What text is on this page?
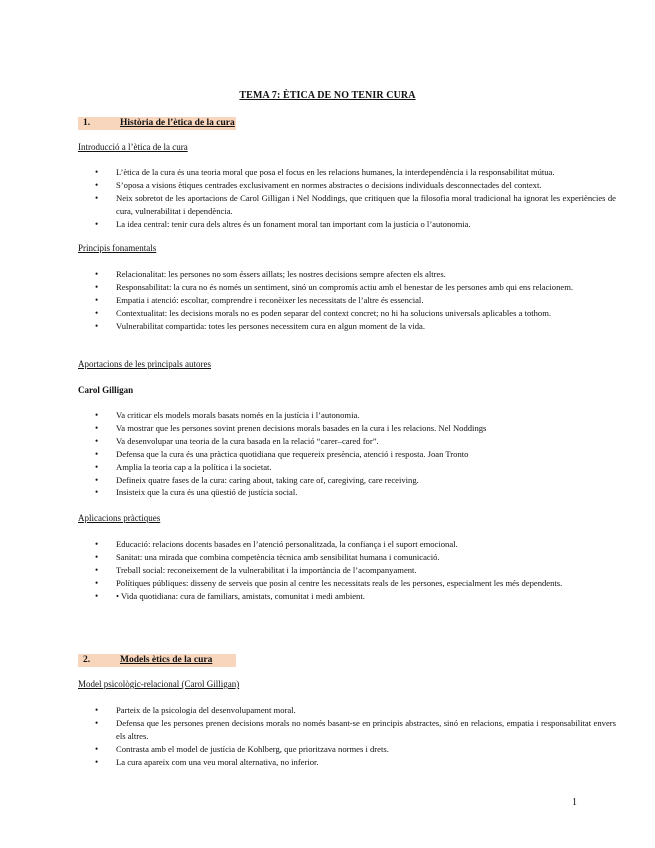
TEMA 7: ÈTICA DE NO TENIR CURA
1.	Història de l’ètica de la cura
Introducció a l’ètica de la cura
• L’ètica de la cura és una teoria moral que posa el focus en les relacions humanes, la interdependència i la responsabilitat mútua.
• S’oposa a visions ètiques centrades exclusivament en normes abstractes o decisions individuals desconnectades del context.
• Neix sobretot de les aportacions de Carol Gilligan i Nel Noddings, que critiquen que la filosofia moral tradicional ha ignorat les experiències de cura, vulnerabilitat i dependència.
• La idea central: tenir cura dels altres és un fonament moral tan important com la justícia o l’autonomia.
Principis fonamentals
• Relacionalitat: les persones no som éssers aïllats; les nostres decisions sempre afecten els altres.
• Responsabilitat: la cura no és només un sentiment, sinó un compromís actiu amb el benestar de les persones amb qui ens relacionem.
• Empatia i atenció: escoltar, comprendre i reconèixer les necessitats de l’altre és essencial.
• Contextualitat: les decisions morals no es poden separar del context concret; no hi ha solucions universals aplicables a tothom.
• Vulnerabilitat compartida: totes les persones necessitem cura en algun moment de la vida.
Aportacions de les principals autores
Carol Gilligan
• Va criticar els models morals basats només en la justícia i l’autonomia.
• Va mostrar que les persones sovint prenen decisions morals basades en la cura i les relacions. Nel Noddings
• Va desenvolupar una teoria de la cura basada en la relació “carer–cared for”.
• Defensa que la cura és una pràctica quotidiana que requereix presència, atenció i resposta. Joan Tronto
• Amplia la teoria cap a la política i la societat.
• Defineix quatre fases de la cura: caring about, taking care of, caregiving, care receiving.
• Insisteix que la cura és una qüestió de justícia social.
Aplicacions pràctiques
• Educació: relacions docents basades en l’atenció personalitzada, la confiança i el suport emocional.
• Sanitat: una mirada que combina competència tècnica amb sensibilitat humana i comunicació.
• Treball social: reconeixement de la vulnerabilitat i la importància de l’acompanyament.
• Polítiques públiques: disseny de serveis que posin al centre les necessitats reals de les persones, especialment les més dependents.
• • Vida quotidiana: cura de familiars, amistats, comunitat i medi ambient.
2.	Models ètics de la cura
Model psicològic-relacional (Carol Gilligan)
• Parteix de la psicologia del desenvolupament moral.
• Defensa que les persones prenen decisions morals no només basant-se en principis abstractes, sinó en relacions, empatia i responsabilitat envers els altres.
• Contrasta amb el model de justícia de Kohlberg, que prioritzava normes i drets.
• La cura apareix com una veu moral alternativa, no inferior.
1
